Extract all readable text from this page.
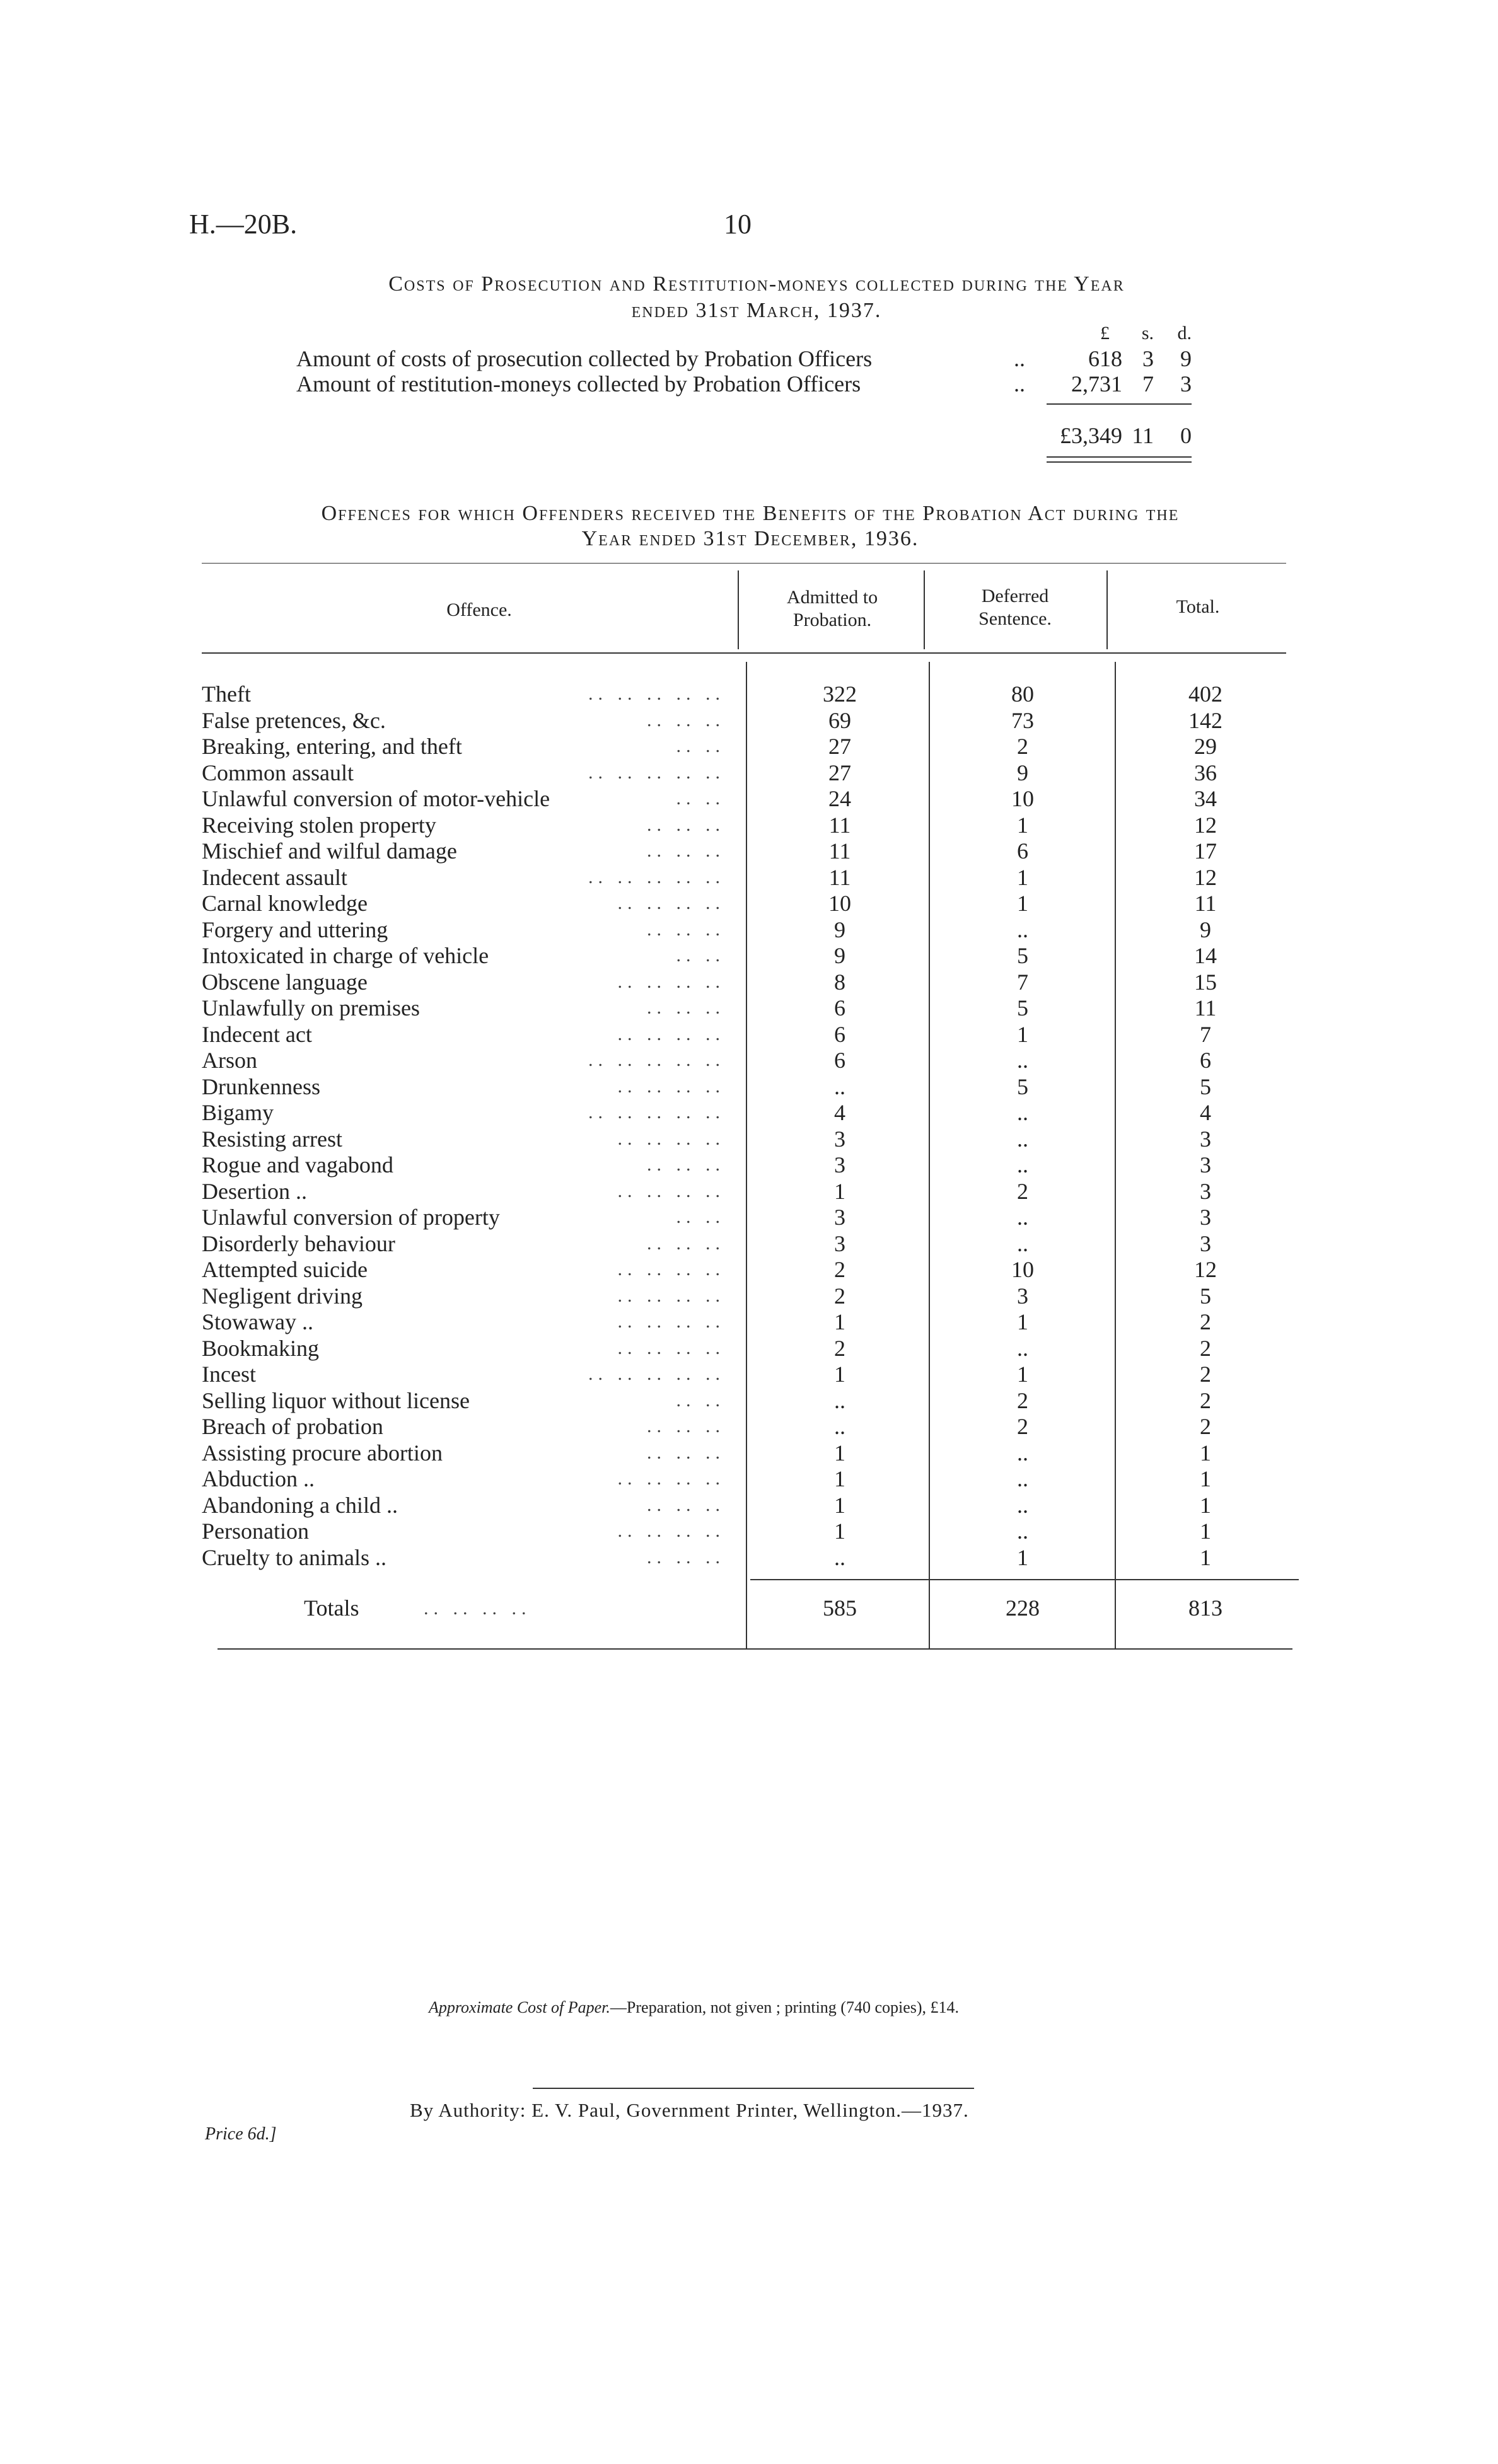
H.—20B.	10
Costs of Prosecution and Restitution-moneys collected during the Year
ended 31st March, 1937.
£	s.	d.
Amount of costs of prosecution collected by Probation Officers	..	618 3	9
Amount of restitution-moneys collected by Probation Officers	..	2,731 7	3
£3,349 11	0
Offences for which Offenders received the Benefits of the Probation Act during the
Year ended 31st December, 1936.
Offence.
Admitted to
Probation.
Deferred
Sentence.
Total.
Theft	.. .. .. .. ..	322	80	402
False pretences, &c.	.. .. ..	69	73	142
Breaking, entering, and theft	.. ..	27	2	29
Common assault	.. .. .. .. ..	27	9	36
Unlawful conversion of motor-vehicle	.. ..	24	10	34
Receiving stolen property	.. .. ..	11	1	12
Mischief and wilful damage	.. .. ..	11	6	17
Indecent assault	.. .. .. .. ..	11	1	12
Carnal knowledge	.. .. .. ..	10	1	11
Forgery and uttering	.. .. ..	9	..	9
Intoxicated in charge of vehicle	.. ..	9	5	14
Obscene language	.. .. .. ..	8	7	15
Unlawfully on premises	.. .. ..	6	5	11
Indecent act	.. .. .. ..	6	1	7
Arson	.. .. .. .. ..	6	..	6
Drunkenness	.. .. .. ..	..	5	5
Bigamy	.. .. .. .. ..	4	..	4
Resisting arrest	.. .. .. ..	3	..	3
Rogue and vagabond	.. .. ..	3	..	3
Desertion ..	.. .. .. ..	1	2	3
Unlawful conversion of property	.. ..	3	..	3
Disorderly behaviour	.. .. ..	3	..	3
Attempted suicide	.. .. .. ..	2	10	12
Negligent driving	.. .. .. ..	2	3	5
Stowaway ..	.. .. .. ..	1	1	2
Bookmaking	.. .. .. ..	2	..	2
Incest	.. .. .. .. ..	1	1	2
Selling liquor without license	.. ..	..	2	2
Breach of probation	.. .. ..	..	2	2
Assisting procure abortion	.. .. ..	1	..	1
Abduction ..	.. .. .. ..	1	..	1
Abandoning a child ..	.. .. ..	1	..	1
Personation	.. .. .. ..	1	..	1
Cruelty to animals ..	.. .. ..	..	1	1
Totals	.. .. .. ..	585	228	813
Approximate Cost of Paper.—Preparation, not given ; printing (740 copies), £14.
By Authority: E. V. Paul, Government Printer, Wellington.—1937.
Price 6d.]
